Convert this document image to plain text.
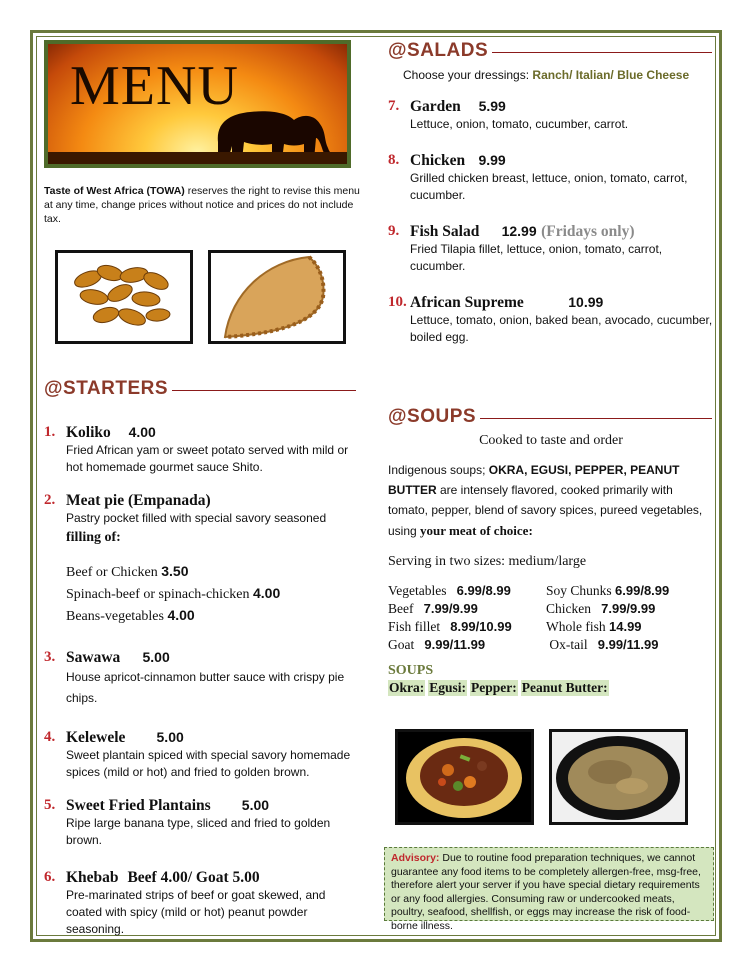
MENU
Taste of West Africa (TOWA) reserves the right to revise this menu at any time, change prices without notice and prices do not include tax.
@STARTERS
1. Koliko 4.00
Fried African yam or sweet potato served with mild or hot homemade gourmet sauce Shito.
2. Meat pie (Empanada)
Pastry pocket filled with special savory seasoned
filling of:
Beef or Chicken 3.50
Spinach-beef or spinach-chicken 4.00
Beans-vegetables 4.00
3. Sawawa 5.00
House apricot-cinnamon butter sauce with crispy pie chips.
4. Kelewele 5.00
Sweet plantain spiced with special savory homemade spices (mild or hot) and fried to golden brown.
5. Sweet Fried Plantains 5.00
Ripe large banana type, sliced and fried to golden brown.
6. Khebab Beef 4.00/ Goat 5.00
Pre-marinated strips of beef or goat skewed, and coated with spicy (mild or hot) peanut powder seasoning.
@SALADS
Choose your dressings: Ranch/ Italian/ Blue Cheese
7. Garden 5.99
Lettuce, onion, tomato, cucumber, carrot.
8. Chicken 9.99
Grilled chicken breast, lettuce, onion, tomato, carrot, cucumber.
9. Fish Salad 12.99 (Fridays only)
Fried Tilapia fillet, lettuce, onion, tomato, carrot, cucumber.
10. African Supreme	10.99
Lettuce, tomato, onion, baked bean, avocado, cucumber, boiled egg.
@SOUPS
Cooked to taste and order
Indigenous soups; OKRA, EGUSI, PEPPER, PEANUT BUTTER are intensely flavored, cooked primarily with tomato, pepper, blend of savory spices, pureed vegetables, using your meat of choice:
Serving in two sizes: medium/large
Vegetables 6.99/8.99	Soy Chunks 6.99/8.99
Beef 7.99/9.99	Chicken 7.99/9.99
Fish fillet 8.99/10.99	Whole fish 14.99
Goat 9.99/11.99	Ox-tail 9.99/11.99
SOUPS
Okra: Egusi: Pepper: Peanut Butter:
Advisory: Due to routine food preparation techniques, we cannot guarantee any food items to be completely allergen-free, msg-free, therefore alert your server if you have special dietary requirements or any food allergies. Consuming raw or undercooked meats, poultry, seafood, shellfish, or eggs may increase the risk of food-borne illness.
